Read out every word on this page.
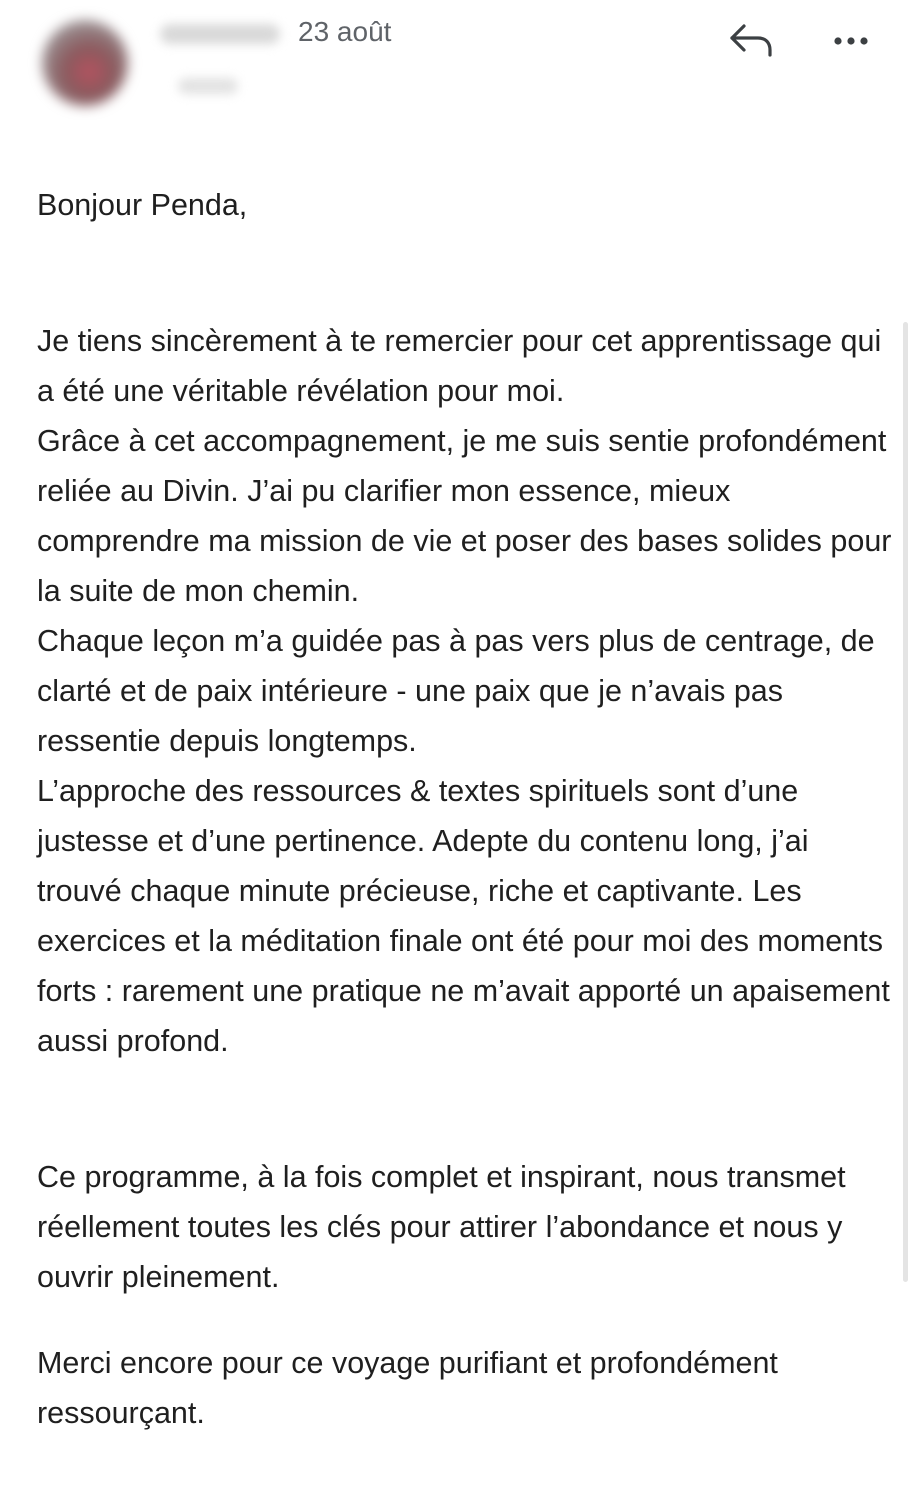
23 août

Bonjour Penda,

Je tiens sincèrement à te remercier pour cet apprentissage qui a été une véritable révélation pour moi.
Grâce à cet accompagnement, je me suis sentie profondément reliée au Divin. J’ai pu clarifier mon essence, mieux comprendre ma mission de vie et poser des bases solides pour la suite de mon chemin.
Chaque leçon m’a guidée pas à pas vers plus de centrage, de clarté et de paix intérieure - une paix que je n’avais pas ressentie depuis longtemps.
L’approche des ressources & textes spirituels sont d’une justesse et d’une pertinence. Adepte du contenu long, j’ai trouvé chaque minute précieuse, riche et captivante. Les exercices et la méditation finale ont été pour moi des moments forts : rarement une pratique ne m’avait apporté un apaisement aussi profond.

Ce programme, à la fois complet et inspirant, nous transmet réellement toutes les clés pour attirer l’abondance et nous y ouvrir pleinement.

Merci encore pour ce voyage purifiant et profondément ressourçant.
